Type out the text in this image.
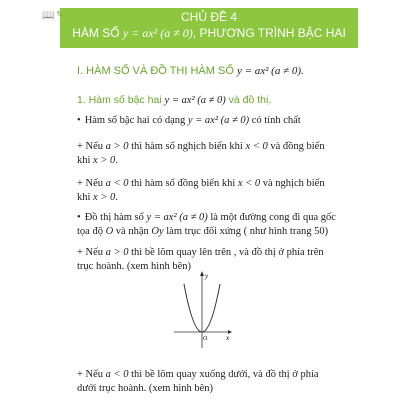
📖 ✎	CHỦ ĐỀ 4
HÀM SỐ y = ax² (a ≠ 0), PHƯƠNG TRÌNH BẬC HAI
I. HÀM SỐ VÀ ĐỒ THỊ HÀM SỐ y = ax² (a ≠ 0).
1. Hàm số bậc hai y = ax² (a ≠ 0) và đồ thị.
• Hàm số bậc hai có dạng y = ax² (a ≠ 0) có tính chất
+ Nếu a > 0 thì hàm số nghịch biến khi x < 0 và đồng biến khi x > 0.
+ Nếu a < 0 thì hàm số đồng biến khi x < 0 và nghịch biến khi x > 0.
• Đồ thị hàm số y = ax² (a ≠ 0) là một đường cong đi qua gốc tọa độ O và nhận Oy làm trục đối xứng ( như hình trang 50)
+ Nếu a > 0 thì bề lõm quay lên trên , và đồ thị ở phía trên trục hoành. (xem hình bên)
y
x
O
+ Nếu a < 0 thì bề lõm quay xuống dưới, và đồ thị ở phía dưới trục hoành. (xem hình bên)
